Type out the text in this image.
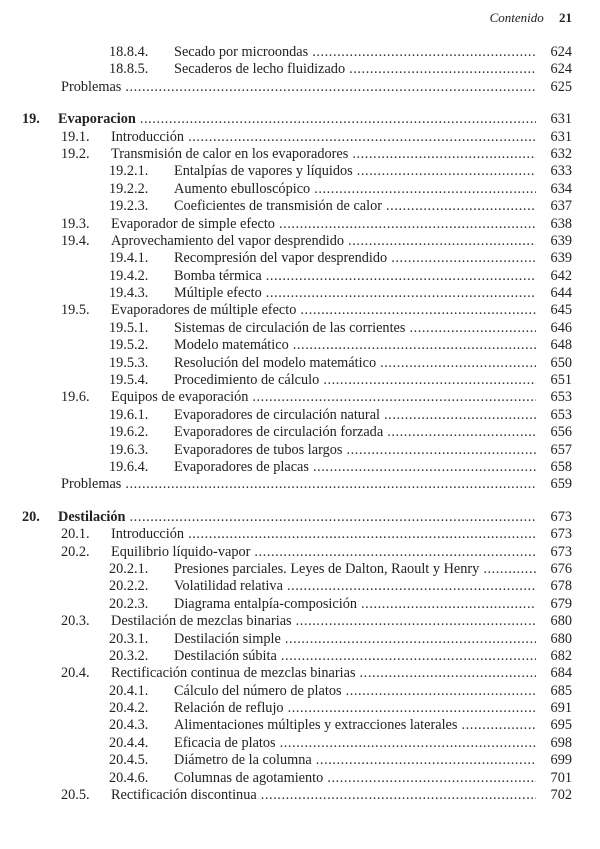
Contenido 21
18.8.4.	Secado por microondas . . .	624
18.8.5.	Secaderos de lecho fluidizado . . .	624
Problemas . . .	625
19.	Evaporacion . . .	631
19.1.	Introducción . . .	631
19.2.	Transmisión de calor en los evaporadores . . .	632
19.2.1.	Entalpías de vapores y líquidos . . .	633
19.2.2.	Aumento ebulloscópico . . .	634
19.2.3.	Coeficientes de transmisión de calor . . .	637
19.3.	Evaporador de simple efecto . . .	638
19.4.	Aprovechamiento del vapor desprendido . . .	639
19.4.1.	Recompresión del vapor desprendido . . .	639
19.4.2.	Bomba térmica . . .	642
19.4.3.	Múltiple efecto . . .	644
19.5.	Evaporadores de múltiple efecto . . .	645
19.5.1.	Sistemas de circulación de las corrientes . . .	646
19.5.2.	Modelo matemático . . .	648
19.5.3.	Resolución del modelo matemático . . .	650
19.5.4.	Procedimiento de cálculo . . .	651
19.6.	Equipos de evaporación . . .	653
19.6.1.	Evaporadores de circulación natural . . .	653
19.6.2.	Evaporadores de circulación forzada . . .	656
19.6.3.	Evaporadores de tubos largos . . .	657
19.6.4.	Evaporadores de placas . . .	658
Problemas . . .	659
20.	Destilación . . .	673
20.1.	Introducción . . .	673
20.2.	Equilibrio líquido-vapor . . .	673
20.2.1.	Presiones parciales. Leyes de Dalton, Raoult y Henry . . .	676
20.2.2.	Volatilidad relativa . . .	678
20.2.3.	Diagrama entalpía-composición . . .	679
20.3.	Destilación de mezclas binarias . . .	680
20.3.1.	Destilación simple . . .	680
20.3.2.	Destilación súbita . . .	682
20.4.	Rectificación continua de mezclas binarias . . .	684
20.4.1.	Cálculo del número de platos . . .	685
20.4.2.	Relación de reflujo . . .	691
20.4.3.	Alimentaciones múltiples y extracciones laterales . . .	695
20.4.4.	Eficacia de platos . . .	698
20.4.5.	Diámetro de la columna . . .	699
20.4.6.	Columnas de agotamiento . . .	701
20.5.	Rectificación discontinua . . .	702
